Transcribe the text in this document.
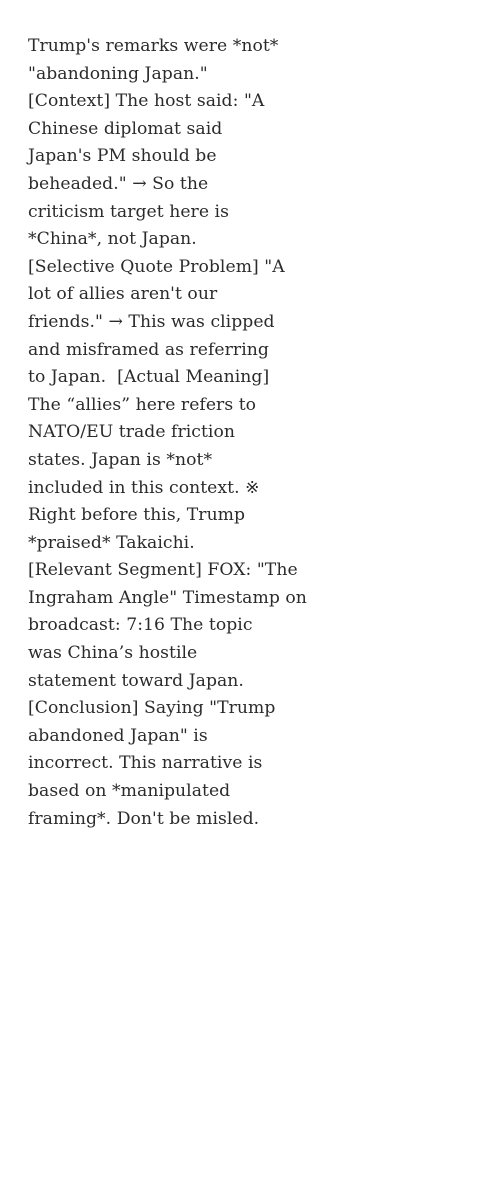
Trump's remarks were *not*
"abandoning Japan."
[Context] The host said: "A
Chinese diplomat said
Japan's PM should be
beheaded." → So the
criticism target here is
*China*, not Japan.
[Selective Quote Problem] "A
lot of allies aren't our
friends." → This was clipped
and misframed as referring
to Japan.  [Actual Meaning]
The “allies” here refers to
NATO/EU trade friction
states. Japan is *not*
included in this context. ※
Right before this, Trump
*praised* Takaichi.
[Relevant Segment] FOX: "The
Ingraham Angle" Timestamp on
broadcast: 7:16 The topic
was China’s hostile
statement toward Japan.
[Conclusion] Saying "Trump
abandoned Japan" is
incorrect. This narrative is
based on *manipulated
framing*. Don't be misled.
